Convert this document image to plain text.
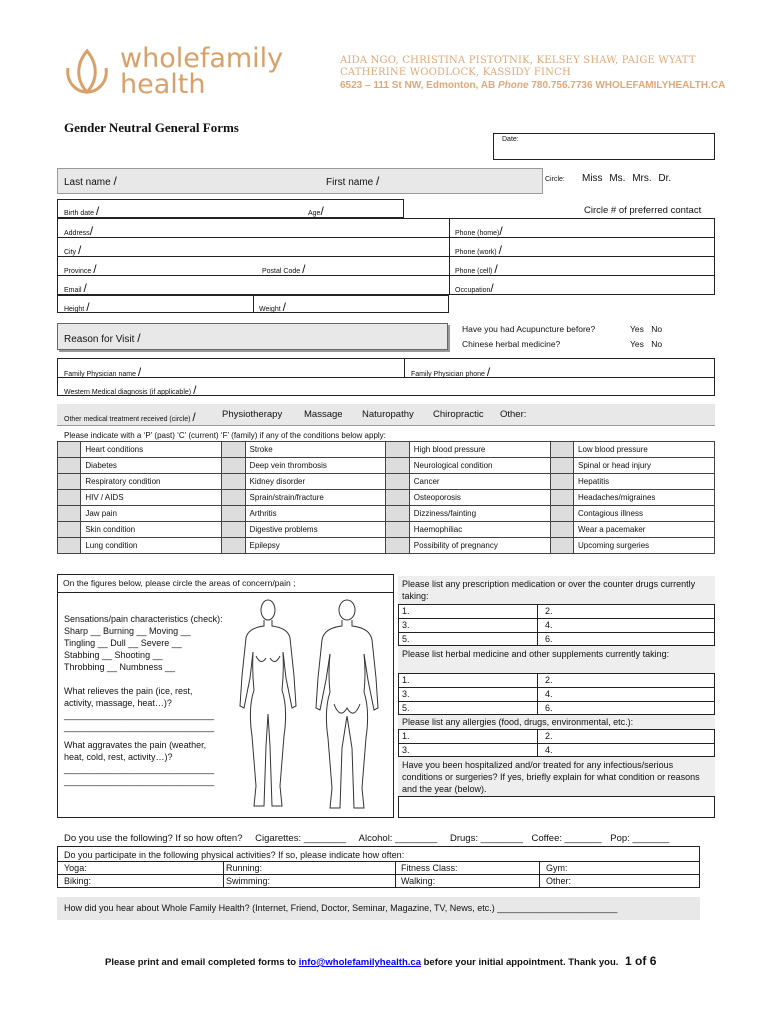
wholefamily
health
AIDA NGO, CHRISTINA PISTOTNIK, KELSEY SHAW, PAIGE WYATT
CATHERINE WOODLOCK, KASSIDY FINCH
6523 – 111 St NW, Edmonton, AB Phone 780.756.7736 WHOLEFAMILYHEALTH.CA
Gender Neutral General Forms
Date:
Last name /	First name /	Circle: Miss Ms. Mrs. Dr.
Birth date /	Age/	Circle # of preferred contact
Address/	Phone (home)/
City /	Phone (work) /
Province /	Postal Code /	Phone (cell) /
Email /	Occupation/
Height /	Weight /
Reason for Visit /
Have you had Acupuncture before?	Yes No
Chinese herbal medicine?	Yes No
Family Physician name /	Family Physician phone /
Western Medical diagnosis (if applicable) /
Other medical treatment received (circle) /	Physiotherapy Massage Naturopathy Chiropractic Other:
Please indicate with a ‘P’ (past) ‘C’ (current) ‘F’ (family) if any of the conditions below apply:
	Heart conditions		Stroke		High blood pressure		Low blood pressure
	Diabetes		Deep vein thrombosis		Neurological condition		Spinal or head injury
	Respiratory condition		Kidney disorder		Cancer		Hepatitis
	HIV / AIDS		Sprain/strain/fracture		Osteoporosis		Headaches/migraines
	Jaw pain		Arthritis		Dizziness/fainting		Contagious illness
	Skin condition		Digestive problems		Haemophiliac		Wear a pacemaker
	Lung condition		Epilepsy		Possibility of pregnancy		Upcoming surgeries
On the figures below, please circle the areas of concern/pain ;
Sensations/pain characteristics (check):
Sharp __ Burning __ Moving __
Tingling __ Dull __ Severe __
Stabbing __ Shooting __
Throbbing __ Numbness __
What relieves the pain (ice, rest,
activity, massage, heat…)?
______________________________
______________________________
What aggravates the pain (weather,
heat, cold, rest, activity…)?
______________________________
______________________________
Please list any prescription medication or over the counter drugs currently taking:
1.	2.
3.	4.
5.	6.
Please list herbal medicine and other supplements currently taking:
1.	2.
3.	4.
5.	6.
Please list any allergies (food, drugs, environmental, etc.):
1.	2.
3.	4.
Have you been hospitalized and/or treated for any infectious/serious conditions or surgeries? If yes, briefly explain for what condition or reasons and the year (below).
Do you use the following? If so how often? Cigarettes: ________ Alcohol: ________ Drugs: ________ Coffee: _______ Pop: _______
Do you participate in the following physical activities? If so, please indicate how often:
Yoga:	Running:	Fitness Class:	Gym:
Biking:	Swimming:	Walking:	Other:
How did you hear about Whole Family Health? (Internet, Friend, Doctor, Seminar, Magazine, TV, News, etc.) ________________________
Please print and email completed forms to info@wholefamilyhealth.ca before your initial appointment. Thank you. 1 of 6
